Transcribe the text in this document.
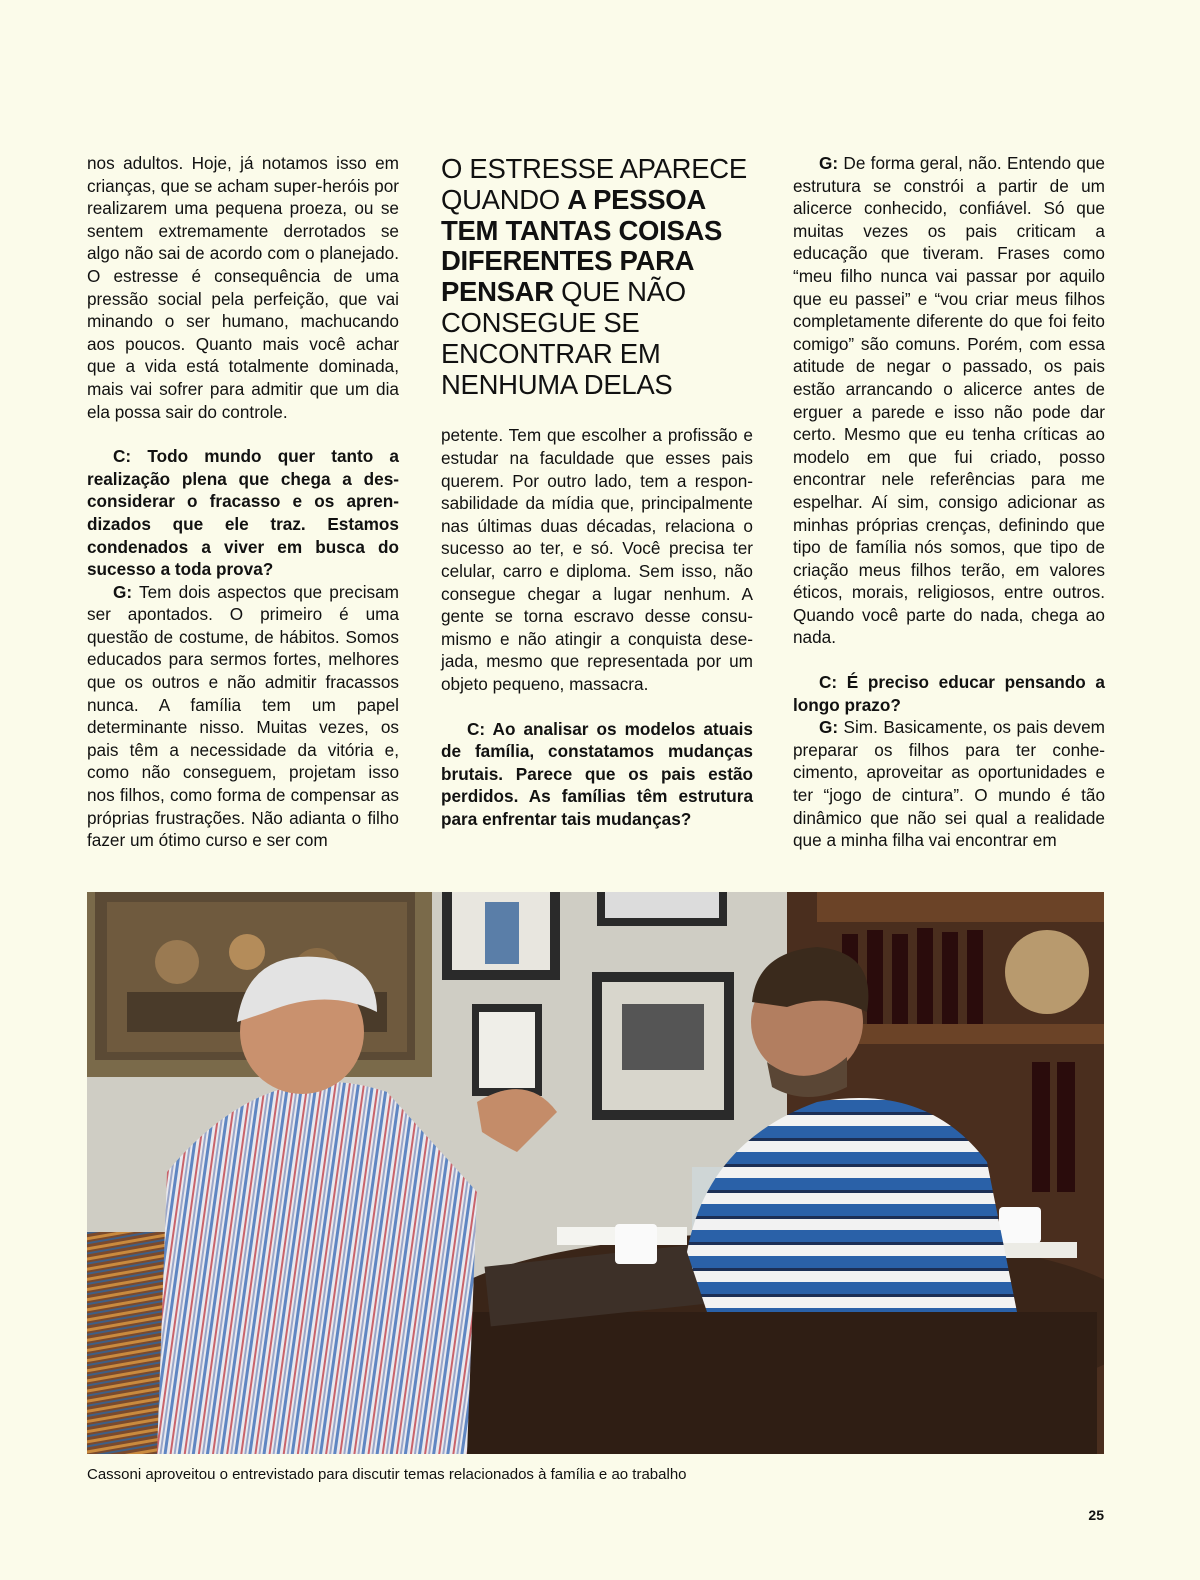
nos adultos. Hoje, já notamos isso em crianças, que se acham super-heróis por realizarem uma pequena proeza, ou se sentem extremamente derrotados se algo não sai de acordo com o planejado. O estresse é consequência de uma pressão social pela perfeição, que vai minando o ser humano, machucando aos poucos. Quanto mais você achar que a vida está totalmente dominada, mais vai sofrer para admitir que um dia ela possa sair do controle.

C: Todo mundo quer tanto a realização plena que chega a desconsiderar o fracasso e os aprendizados que ele traz. Estamos condenados a viver em busca do sucesso a toda prova?

G: Tem dois aspectos que precisam ser apontados. O primeiro é uma questão de costume, de hábitos. Somos educados para sermos fortes, melhores que os outros e não admitir fracassos nunca. A família tem um papel determinante nisso. Muitas vezes, os pais têm a necessidade da vitória e, como não conseguem, projetam isso nos filhos, como forma de compensar as próprias frustrações. Não adianta o filho fazer um ótimo curso e ser com

O ESTRESSE APARECE QUANDO A PESSOA TEM TANTAS COISAS DIFERENTES PARA PENSAR QUE NÃO CONSEGUE SE ENCONTRAR EM NENHUMA DELAS

petente. Tem que escolher a profissão e estudar na faculdade que esses pais querem. Por outro lado, tem a responsabilidade da mídia que, principalmente nas últimas duas décadas, relaciona o sucesso ao ter, e só. Você precisa ter celular, carro e diploma. Sem isso, não consegue chegar a lugar nenhum. A gente se torna escravo desse consumismo e não atingir a conquista desejada, mesmo que representada por um objeto pequeno, massacra.

C: Ao analisar os modelos atuais de família, constatamos mudanças brutais. Parece que os pais estão perdidos. As famílias têm estrutura para enfrentar tais mudanças?

G: De forma geral, não. Entendo que estrutura se constrói a partir de um alicerce conhecido, confiável. Só que muitas vezes os pais criticam a educação que tiveram. Frases como “meu filho nunca vai passar por aquilo que eu passei” e “vou criar meus filhos completamente diferente do que foi feito comigo” são comuns. Porém, com essa atitude de negar o passado, os pais estão arrancando o alicerce antes de erguer a parede e isso não pode dar certo. Mesmo que eu tenha críticas ao modelo em que fui criado, posso encontrar nele referências para me espelhar. Aí sim, consigo adicionar as minhas próprias crenças, definindo que tipo de família nós somos, que tipo de criação meus filhos terão, em valores éticos, morais, religiosos, entre outros. Quando você parte do nada, chega ao nada.

C: É preciso educar pensando a longo prazo?

G: Sim. Basicamente, os pais devem preparar os filhos para ter conhecimento, aproveitar as oportunidades e ter “jogo de cintura”. O mundo é tão dinâmico que não sei qual a realidade que a minha filha vai encontrar em

Cassoni aproveitou o entrevistado para discutir temas relacionados à família e ao trabalho
25
